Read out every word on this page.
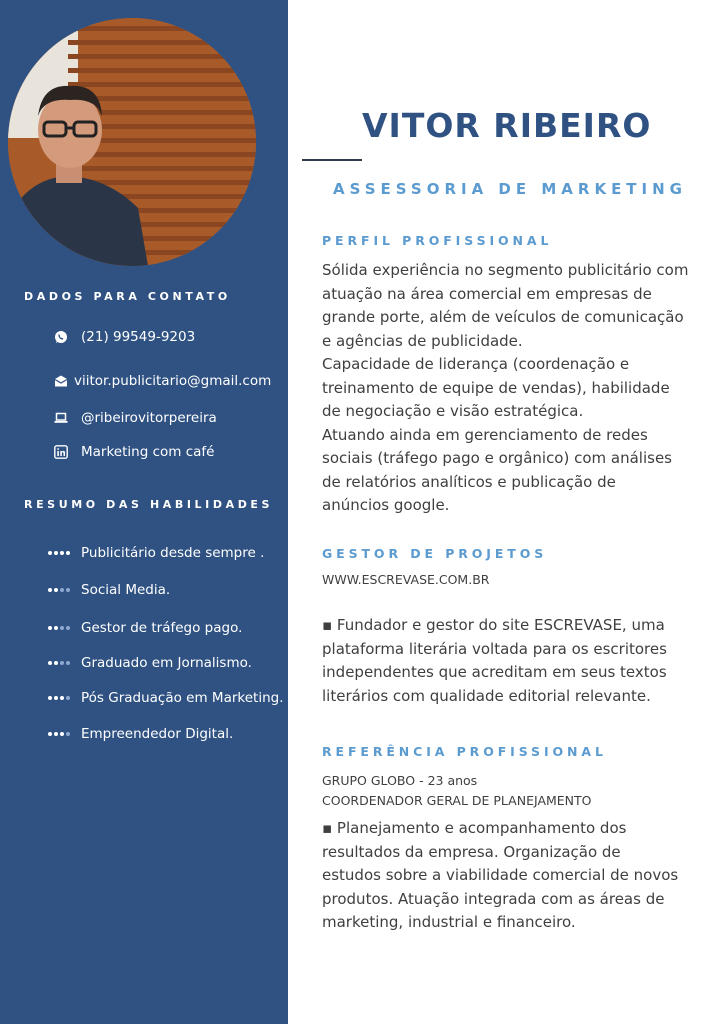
DADOS PARA CONTATO
(21) 99549-9203
viitor.publicitario@gmail.com
@ribeirovitorpereira
Marketing com café
RESUMO DAS HABILIDADES
Publicitário desde sempre .
Social Media.
Gestor de tráfego pago.
Graduado em Jornalismo.
Pós Graduação em Marketing.
Empreendedor Digital.
VITOR RIBEIRO
ASSESSORIA DE MARKETING
PERFIL PROFISSIONAL
Sólida experiência no segmento publicitário com
atuação na área comercial em empresas de
grande porte, além de veículos de comunicação
e agências de publicidade.
Capacidade de liderança (coordenação e
treinamento de equipe de vendas), habilidade
de negociação e visão estratégica.
Atuando ainda em gerenciamento de redes
sociais (tráfego pago e orgânico) com análises
de relatórios analíticos e publicação de
anúncios google.
GESTOR DE PROJETOS
WWW.ESCREVASE.COM.BR
▪ Fundador e gestor do site ESCREVASE, uma
plataforma literária voltada para os escritores
independentes que acreditam em seus textos
literários com qualidade editorial relevante.
REFERÊNCIA PROFISSIONAL
GRUPO GLOBO - 23 anos
COORDENADOR GERAL DE PLANEJAMENTO
▪ Planejamento e acompanhamento dos
resultados da empresa. Organização de
estudos sobre a viabilidade comercial de novos
produtos. Atuação integrada com as áreas de
marketing, industrial e financeiro.
